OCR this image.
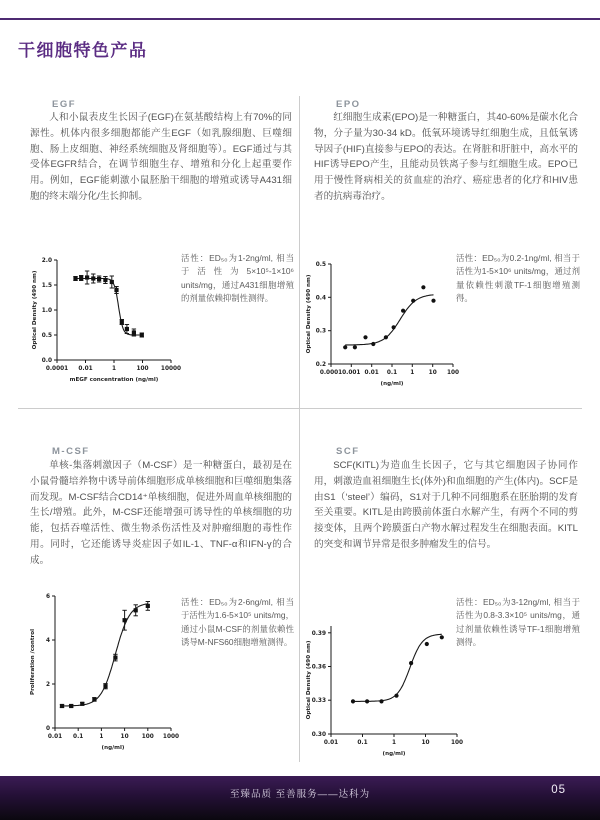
干细胞特色产品
EGF

人和小鼠表皮生长因子(EGF)在氨基酸结构上有70%的同源性。机体内很多细胞都能产生EGF（如乳腺细胞、巨噬细胞、肠上皮细胞、神经系统细胞及肾细胞等）。EGF通过与其受体EGFR结合，在调节细胞生存、增殖和分化上起重要作用。例如，EGF能刺激小鼠胚胎干细胞的增殖或诱导A431细胞的终末端分化/生长抑制。

0.0001 0.01	1	100 10000
0.0
0.5
1.0
1.5
2.0
mEGF concentration (ng/ml)
Optical Density (490 nm)

活性：ED₅₀为1-2ng/ml, 相当于活性为5×10⁵-1×10⁶ units/mg，通过A431细胞增殖的剂量依赖抑制性测得。

EPO

红细胞生成素(EPO)是一种糖蛋白，其40-60%是碳水化合物，分子量为30-34 kD。低氧环境诱导红细胞生成，且低氧诱导因子(HIF)直接参与EPO的表达。在肾脏和肝脏中，高水平的HIF诱导EPO产生，且能动员铁离子参与红细胞生成。EPO已用于慢性肾病相关的贫血症的治疗、癌症患者的化疗和HIV患者的抗病毒治疗。

0.0001 0.001 0.01 0.1 1 10 100
0.2
0.3
0.4
0.5
(ng/ml)
Optical Density (490 nm)

活性：ED₅₀为0.2-1ng/ml, 相当于活性为1-5×10⁶ units/mg，通过剂量依赖性刺激TF-1细胞增殖测得。

M-CSF

单核-集落刺激因子（M-CSF）是一种糖蛋白，最初是在小鼠骨髓培养物中诱导前体细胞形成单核细胞和巨噬细胞集落而发现。M-CSF结合CD14⁺单核细胞，促进外周血单核细胞的生长/增殖。此外，M-CSF还能增强可诱导性的单核细胞的功能，包括吞噬活性、微生物杀伤活性及对肿瘤细胞的毒性作用。同时，它还能诱导炎症因子如IL-1、TNF-α和IFN-γ的合成。

0.01 0.1	1	10 100 1000
0
2
4
6
(ng/ml)
Proliferation /control

活性：ED₅₀为2-6ng/ml, 相当于活性为1.6-5×10⁵ units/mg，通过小鼠M-CSF的剂量依赖性诱导M-NFS60细胞增殖测得。

SCF

SCF(KITL)为造血生长因子，它与其它细胞因子协同作用，刺激造血祖细胞生长(体外)和血细胞的产生(体内)。SCF是由S1（‘steel’）编码，S1对于几种不同细胞系在胚胎期的发育至关重要。KITL是由跨膜前体蛋白水解产生，有两个不同的剪接变体，且两个跨膜蛋白产物水解过程发生在细胞表面。KITL的突变和调节异常是很多肿瘤发生的信号。

0.01	0.1	1	10	100
0.30
0.33
0.36
0.39
(ng/ml)
Optical Density (490 nm)

活性：ED₅₀为3-12ng/ml, 相当于活性为0.8-3.3×10⁵ units/mg，通过剂量依赖性诱导TF-1细胞增殖测得。

至臻品质 至善服务——达科为	05
